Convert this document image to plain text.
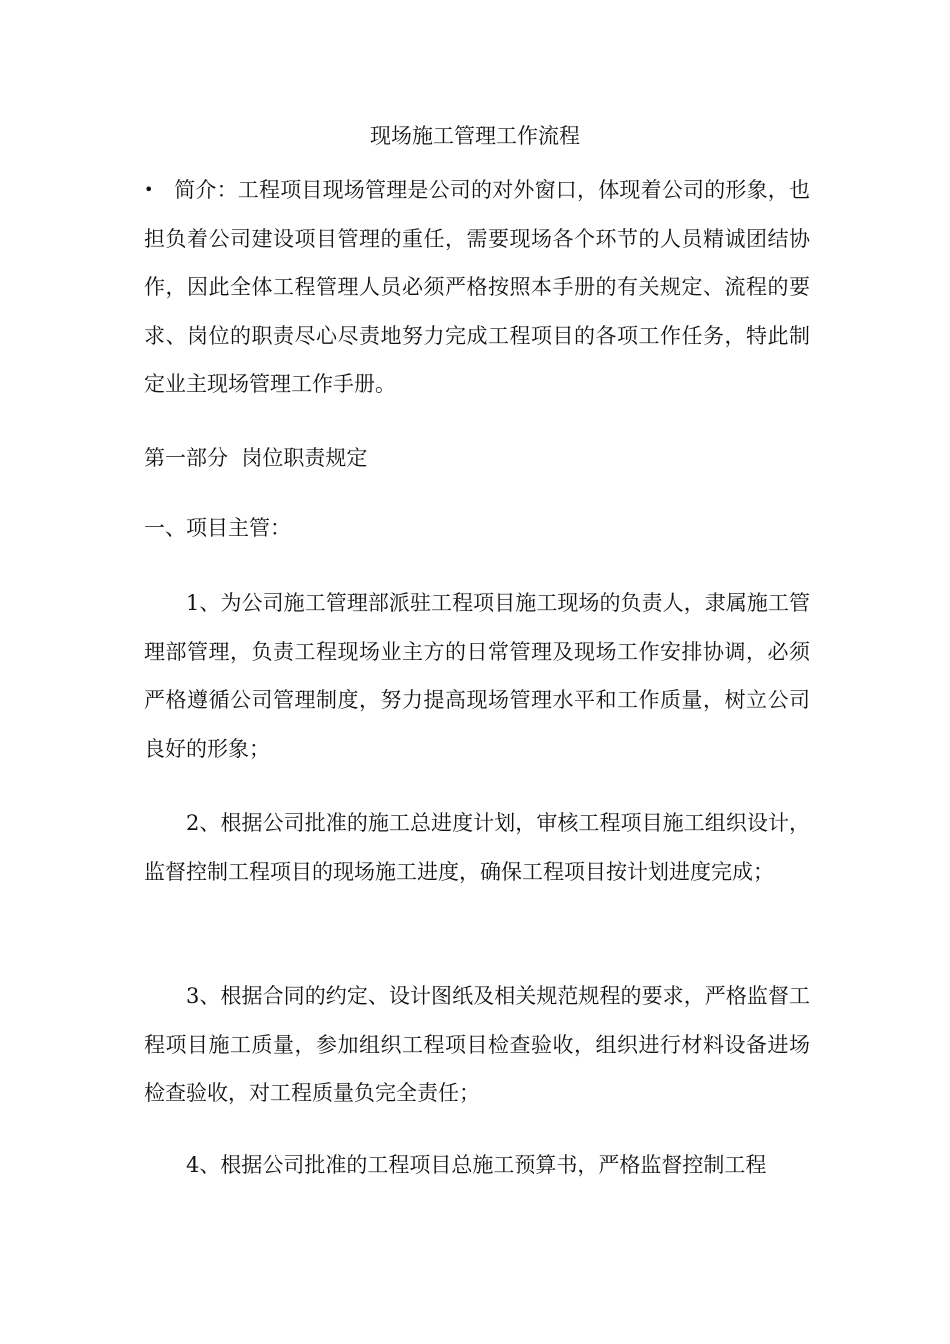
现场施工管理工作流程

• 简介：工程项目现场管理是公司的对外窗口，体现着公司的形象，也担负着公司建设项目管理的重任，需要现场各个环节的人员精诚团结协作，因此全体工程管理人员必须严格按照本手册的有关规定、流程的要求、岗位的职责尽心尽责地努力完成工程项目的各项工作任务，特此制定业主现场管理工作手册。

第一部分  岗位职责规定
一、项目主管：

1、为公司施工管理部派驻工程项目施工现场的负责人，隶属施工管理部管理，负责工程现场业主方的日常管理及现场工作安排协调，必须严格遵循公司管理制度，努力提高现场管理水平和工作质量，树立公司良好的形象；

2、根据公司批准的施工总进度计划，审核工程项目施工组织设计，监督控制工程项目的现场施工进度，确保工程项目按计划进度完成；

3、根据合同的约定、设计图纸及相关规范规程的要求，严格监督工程项目施工质量，参加组织工程项目检查验收，组织进行材料设备进场检查验收，对工程质量负完全责任；

4、根据公司批准的工程项目总施工预算书，严格监督控制工程
